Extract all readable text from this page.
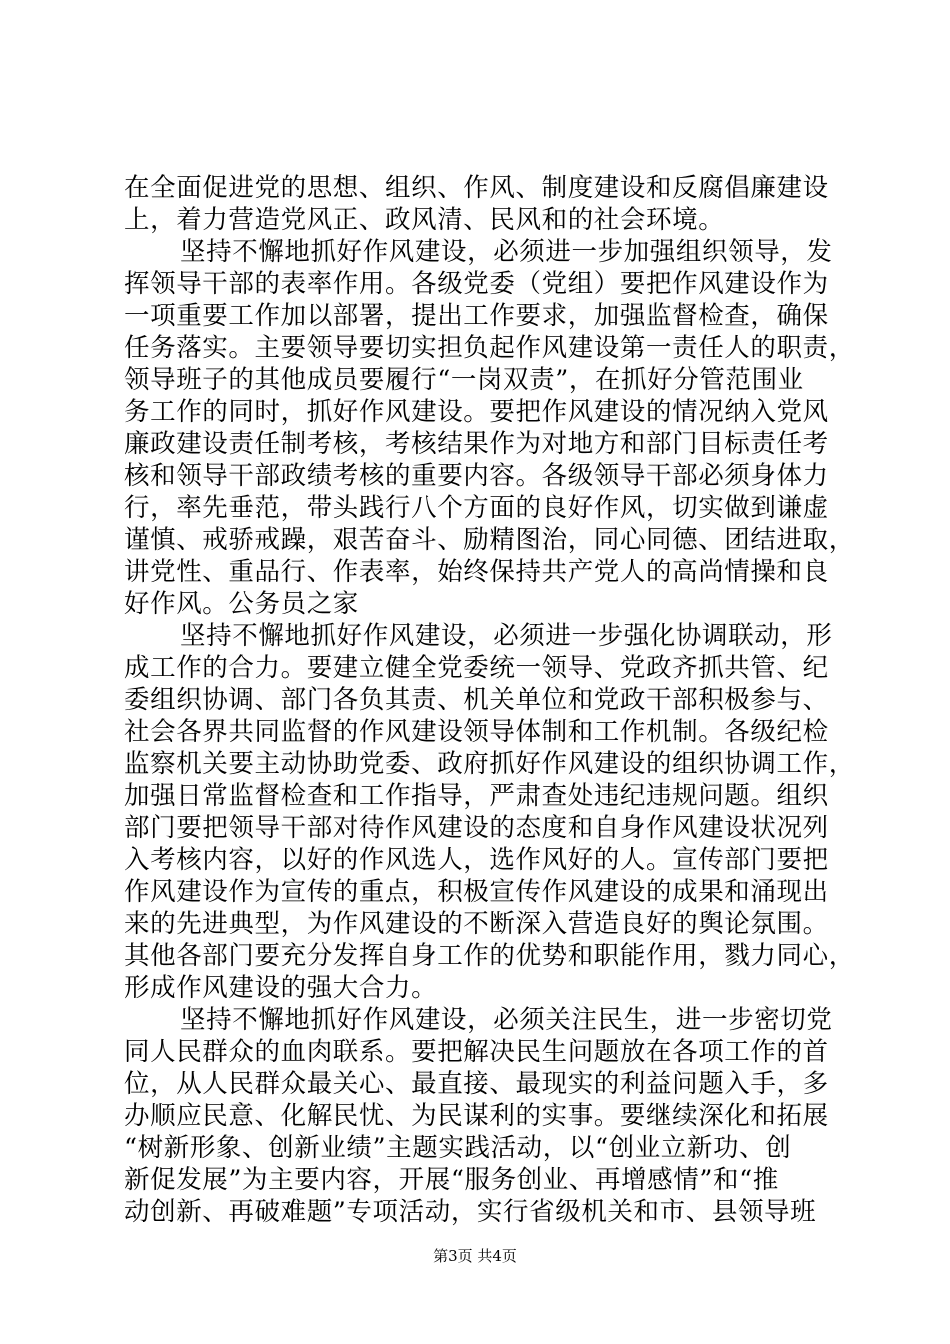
在全面促进党的思想、组织、作风、制度建设和反腐倡廉建设
上，着力营造党风正、政风清、民风和的社会环境。
坚持不懈地抓好作风建设，必须进一步加强组织领导，发
挥领导干部的表率作用。各级党委（党组）要把作风建设作为
一项重要工作加以部署，提出工作要求，加强监督检查，确保
任务落实。主要领导要切实担负起作风建设第一责任人的职责，
领导班子的其他成员要履行“一岗双责”，在抓好分管范围业
务工作的同时，抓好作风建设。要把作风建设的情况纳入党风
廉政建设责任制考核，考核结果作为对地方和部门目标责任考
核和领导干部政绩考核的重要内容。各级领导干部必须身体力
行，率先垂范，带头践行八个方面的良好作风，切实做到谦虚
谨慎、戒骄戒躁，艰苦奋斗、励精图治，同心同德、团结进取，
讲党性、重品行、作表率，始终保持共产党人的高尚情操和良
好作风。公务员之家
坚持不懈地抓好作风建设，必须进一步强化协调联动，形
成工作的合力。要建立健全党委统一领导、党政齐抓共管、纪
委组织协调、部门各负其责、机关单位和党政干部积极参与、
社会各界共同监督的作风建设领导体制和工作机制。各级纪检
监察机关要主动协助党委、政府抓好作风建设的组织协调工作，
加强日常监督检查和工作指导，严肃查处违纪违规问题。组织
部门要把领导干部对待作风建设的态度和自身作风建设状况列
入考核内容，以好的作风选人，选作风好的人。宣传部门要把
作风建设作为宣传的重点，积极宣传作风建设的成果和涌现出
来的先进典型，为作风建设的不断深入营造良好的舆论氛围。
其他各部门要充分发挥自身工作的优势和职能作用，戮力同心，
形成作风建设的强大合力。
坚持不懈地抓好作风建设，必须关注民生，进一步密切党
同人民群众的血肉联系。要把解决民生问题放在各项工作的首
位，从人民群众最关心、最直接、最现实的利益问题入手，多
办顺应民意、化解民忧、为民谋利的实事。要继续深化和拓展
“树新形象、创新业绩”主题实践活动，以“创业立新功、创
新促发展”为主要内容，开展“服务创业、再增感情”和“推
动创新、再破难题”专项活动，实行省级机关和市、县领导班
第3页 共4页
